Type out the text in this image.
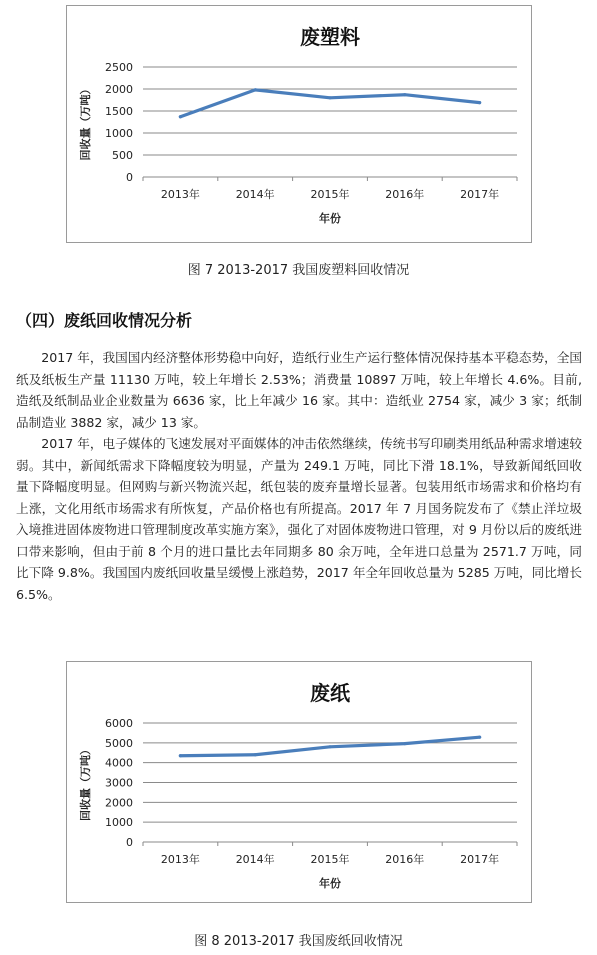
废塑料
0
500
1000
1500
2000
2500
2013年	2014年	2015年	2016年	2017年
年份
回收量（万吨）
图 7 2013-2017 我国废塑料回收情况
（四）废纸回收情况分析

2017 年，我国国内经济整体形势稳中向好，造纸行业生产运行整体情况保持基本平稳态势，全国纸及纸板生产量 11130 万吨，较上年增长 2.53%；消费量 10897 万吨，较上年增长 4.6%。目前,造纸及纸制品业企业数量为 6636 家，比上年减少 16 家。其中：造纸业 2754 家，减少 3 家；纸制品制造业 3882 家，减少 13 家。

2017 年，电子媒体的飞速发展对平面媒体的冲击依然继续，传统书写印刷类用纸品种需求增速较弱。其中，新闻纸需求下降幅度较为明显，产量为 249.1 万吨，同比下滑 18.1%，导致新闻纸回收量下降幅度明显。但网购与新兴物流兴起，纸包装的废弃量增长显著。包装用纸市场需求和价格均有上涨，文化用纸市场需求有所恢复，产品价格也有所提高。2017 年 7 月国务院发布了《禁止洋垃圾入境推进固体废物进口管理制度改革实施方案》，强化了对固体废物进口管理，对 9 月份以后的废纸进口带来影响，但由于前 8 个月的进口量比去年同期多 80 余万吨，全年进口总量为 2571.7 万吨，同比下降 9.8%。我国国内废纸回收量呈缓慢上涨趋势，2017 年全年回收总量为 5285 万吨，同比增长 6.5%。

废纸
0
1000
2000
3000
4000
5000
6000
2013年	2014年	2015年	2016年	2017年
年份
回收量（万吨）
图 8 2013-2017 我国废纸回收情况
